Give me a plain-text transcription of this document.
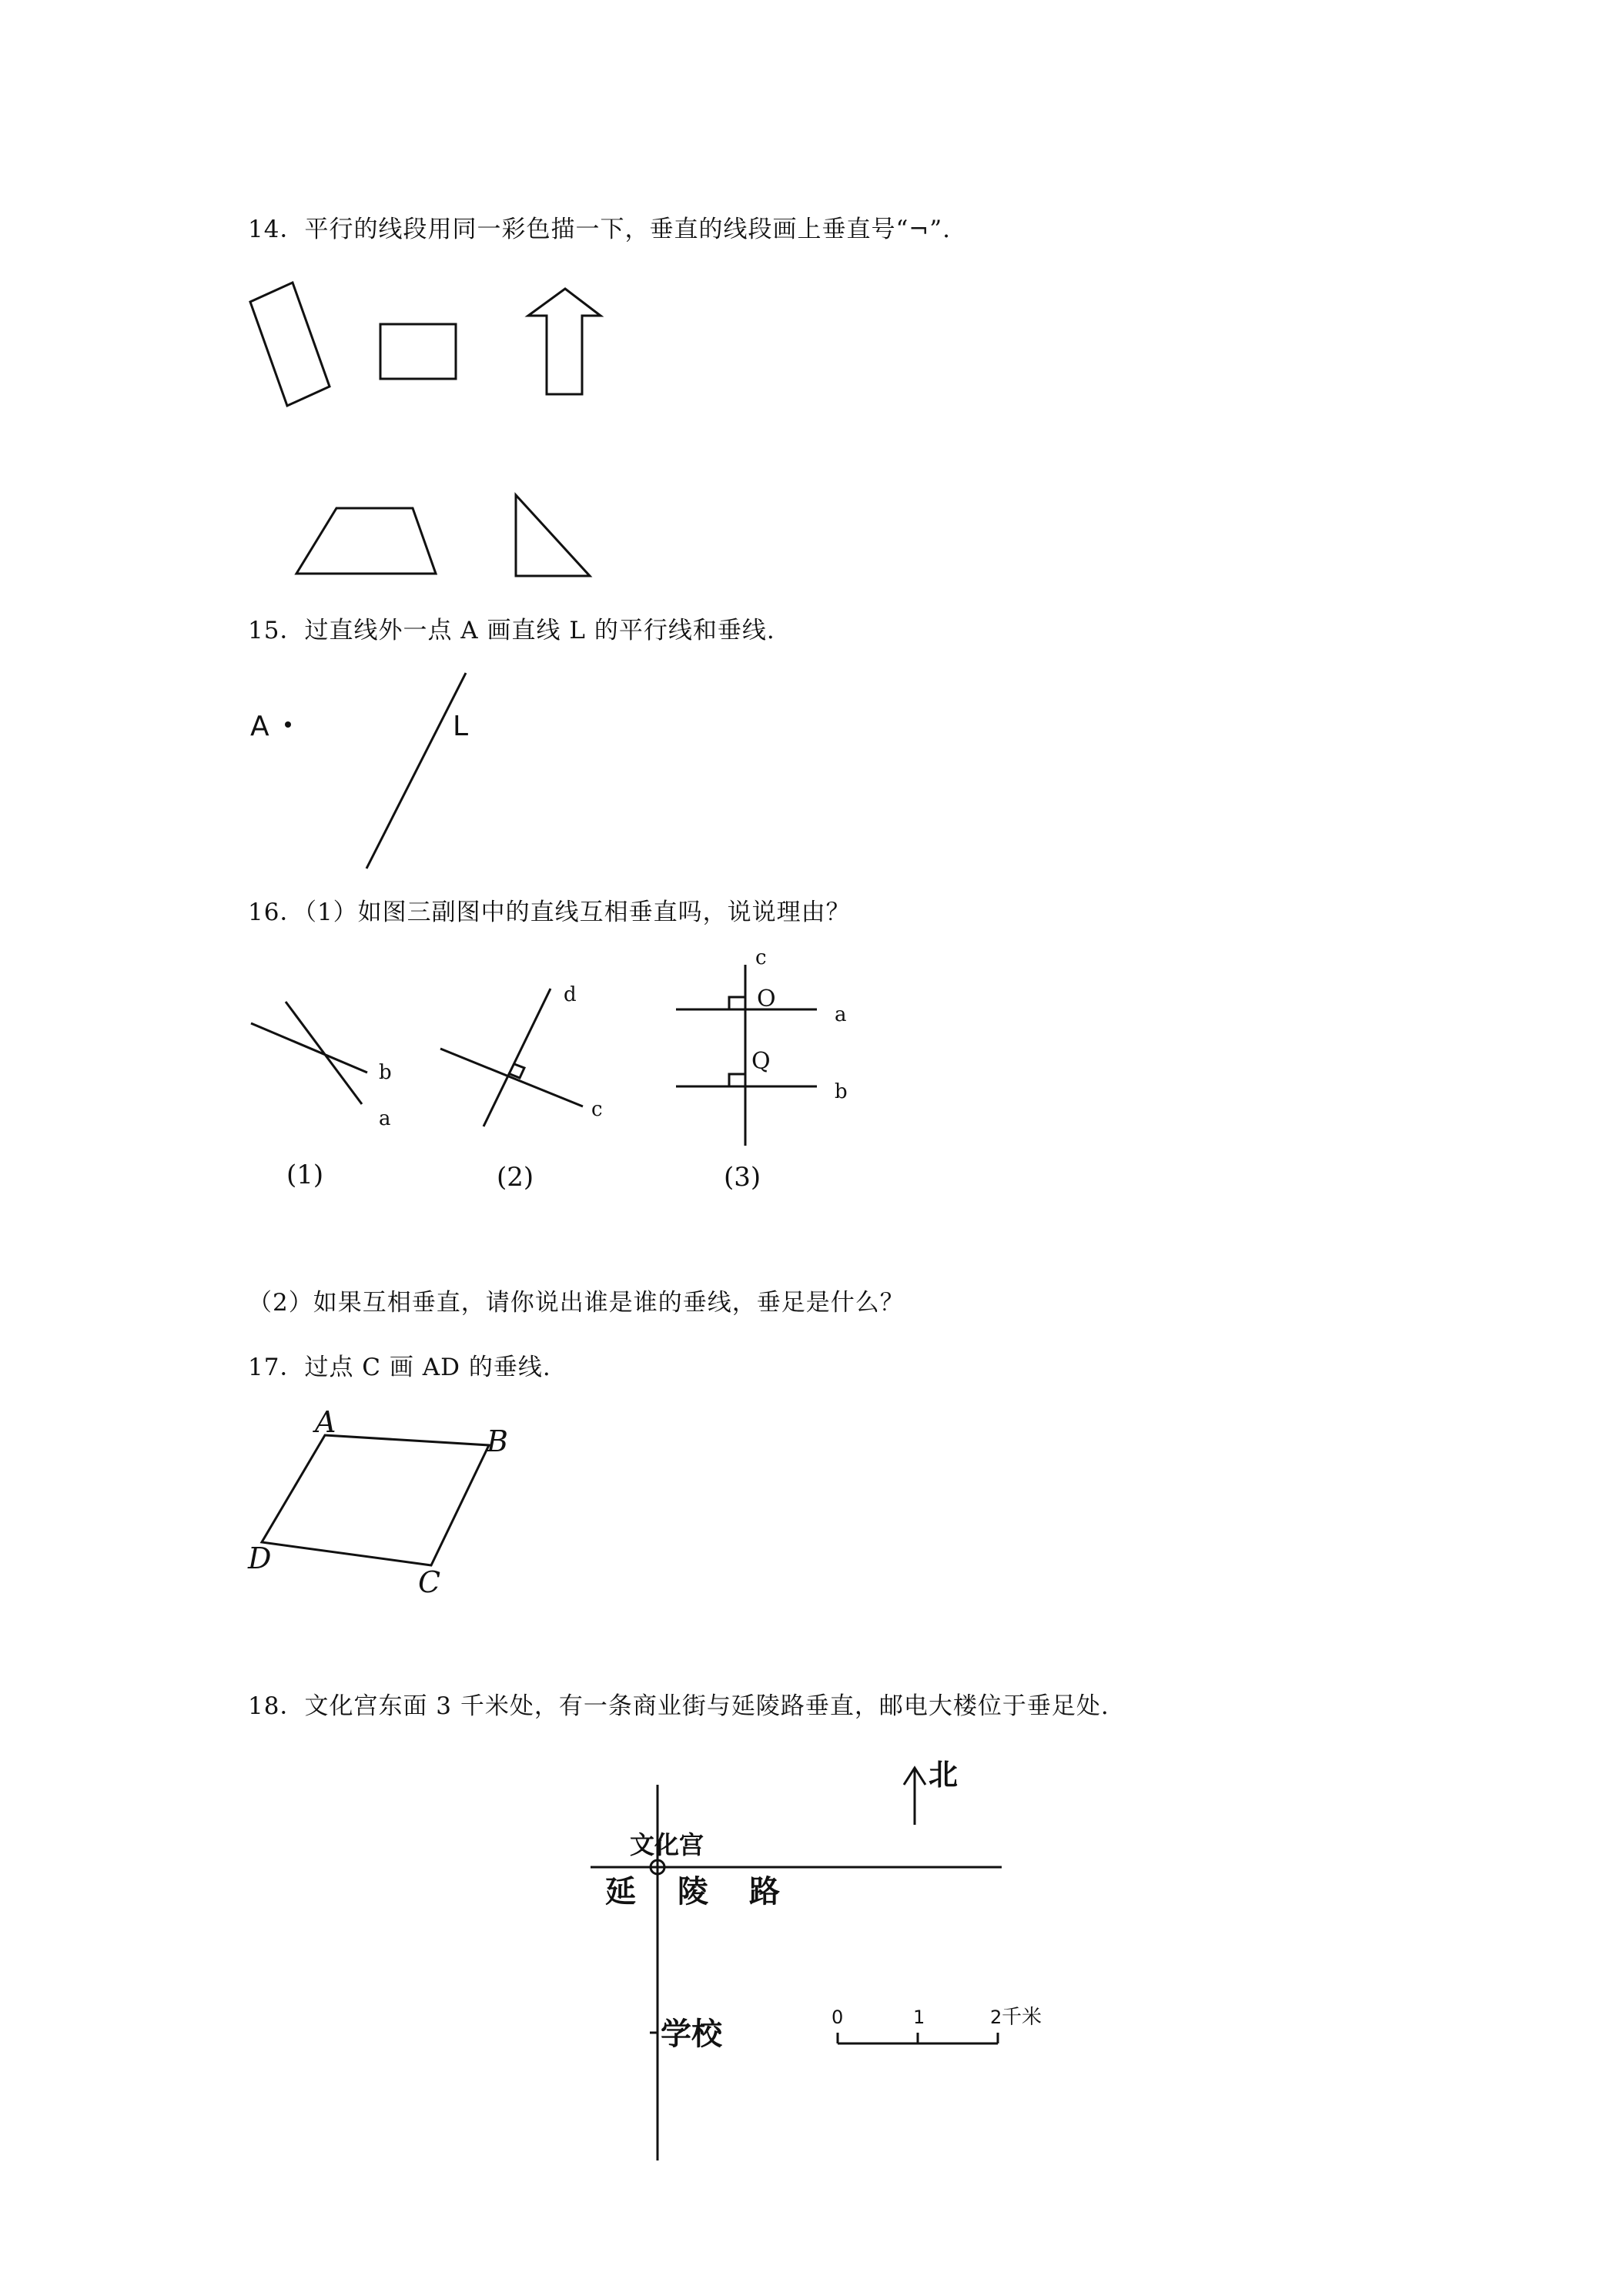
14．平行的线段用同一彩色描一下，垂直的线段画上垂直号“¬”.
15．过直线外一点 A 画直线 L 的平行线和垂线.
A	L
16．（1）如图三副图中的直线互相垂直吗，说说理由？
b
a
(1)
d
c
(2)
c
O
Q
a
b
(3)
（2）如果互相垂直，请你说出谁是谁的垂线，垂足是什么？
17．过点 C 画 AD 的垂线.
A
B
C
D
18．文化宫东面 3 千米处，有一条商业街与延陵路垂直，邮电大楼位于垂足处.
北
文化宫
延 陵 路
学校	0	1	2 千米
